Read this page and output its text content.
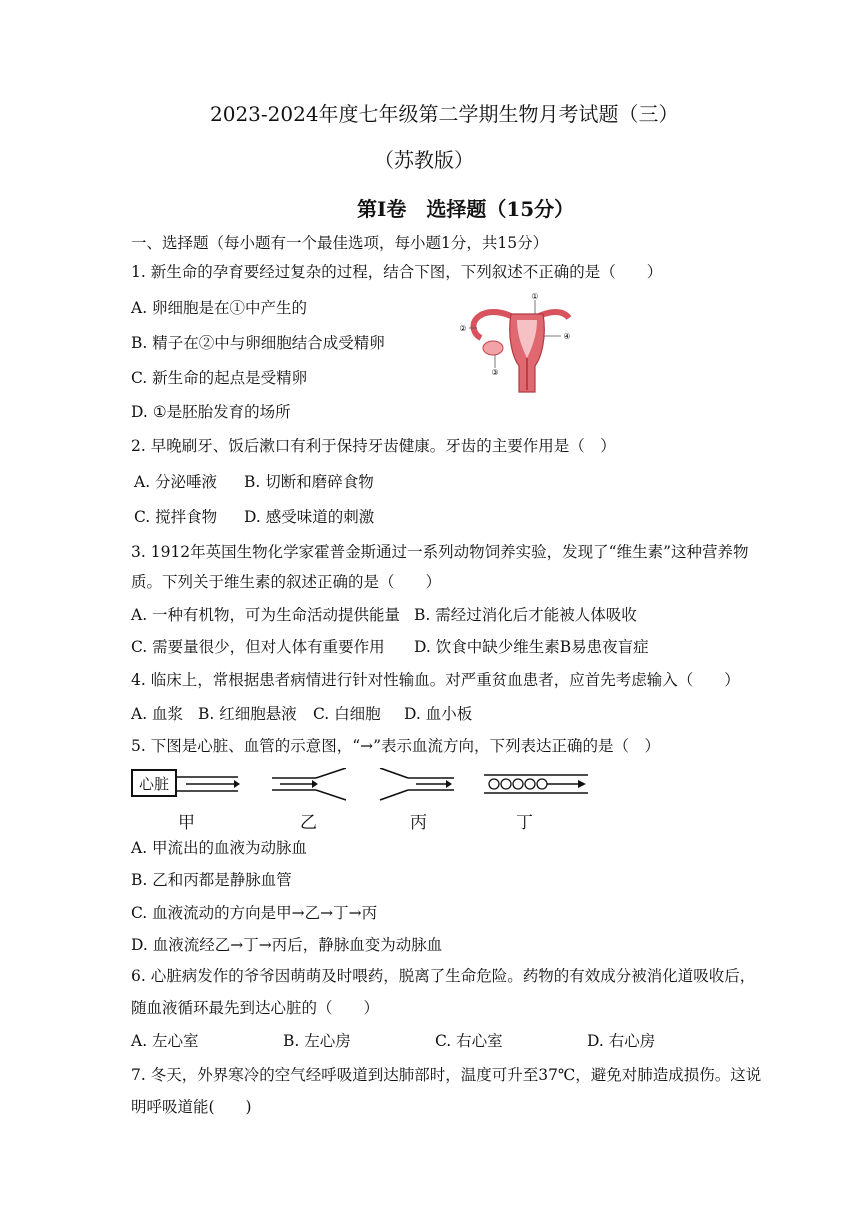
2023-2024年度七年级第二学期生物月考试题（三）
（苏教版）
第Ⅰ卷　选择题（15分）
一、选择题（每小题有一个最佳选项，每小题1分，共15分）
1. 新生命的孕育要经过复杂的过程，结合下图，下列叙述不正确的是（　　）
A. 卵细胞是在①中产生的
B. 精子在②中与卵细胞结合成受精卵
C. 新生命的起点是受精卵
D. ①是胚胎发育的场所
①
②
③
④
2. 早晚刷牙、饭后漱口有利于保持牙齿健康。牙齿的主要作用是（　）
A. 分泌唾液 B. 切断和磨碎食物
C. 搅拌食物 D. 感受味道的刺激
3. 1912年英国生物化学家霍普金斯通过一系列动物饲养实验，发现了“维生素”这种营养物
质。下列关于维生素的叙述正确的是（　　）
A. 一种有机物，可为生命活动提供能量 B. 需经过消化后才能被人体吸收
C. 需要量很少，但对人体有重要作用 D. 饮食中缺少维生素B易患夜盲症
4. 临床上，常根据患者病情进行针对性输血。对严重贫血患者，应首先考虑输入（　　）
A. 血浆 B. 红细胞悬液 C. 白细胞 D. 血小板
5. 下图是心脏、血管的示意图，“→”表示血流方向，下列表达正确的是（　）
心脏
甲	乙	丙	丁
A. 甲流出的血液为动脉血
B. 乙和丙都是静脉血管
C. 血液流动的方向是甲→乙→丁→丙
D. 血液流经乙→丁→丙后，静脉血变为动脉血
6. 心脏病发作的爷爷因萌萌及时喂药，脱离了生命危险。药物的有效成分被消化道吸收后，
随血液循环最先到达心脏的（　　）
A. 左心室	B. 左心房	C. 右心室	D. 右心房
7. 冬天，外界寒冷的空气经呼吸道到达肺部时，温度可升至37℃，避免对肺造成损伤。这说
明呼吸道能(　　)
